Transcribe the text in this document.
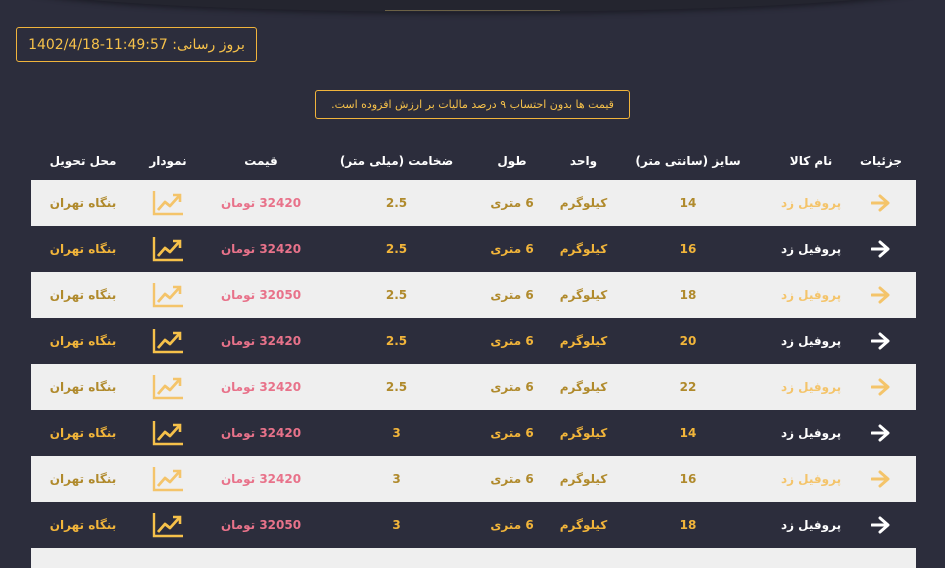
بروز رسانی: 11:49:57-1402/4/18
قیمت ها بدون احتساب ۹ درصد مالیات بر ارزش افزوده است.
جزئیات
نام کالا
سایز (سانتی متر)
واحد
طول
ضخامت (میلی متر)
قیمت
نمودار
محل تحویل
پروفیل زد
14
کیلوگرم
6 متری
2.5
32420 تومان
بنگاه تهران
پروفیل زد
16
کیلوگرم
6 متری
2.5
32420 تومان
بنگاه تهران
پروفیل زد
18
کیلوگرم
6 متری
2.5
32050 تومان
بنگاه تهران
پروفیل زد
20
کیلوگرم
6 متری
2.5
32420 تومان
بنگاه تهران
پروفیل زد
22
کیلوگرم
6 متری
2.5
32420 تومان
بنگاه تهران
پروفیل زد
14
کیلوگرم
6 متری
3
32420 تومان
بنگاه تهران
پروفیل زد
16
کیلوگرم
6 متری
3
32420 تومان
بنگاه تهران
پروفیل زد
18
کیلوگرم
6 متری
3
32050 تومان
بنگاه تهران
